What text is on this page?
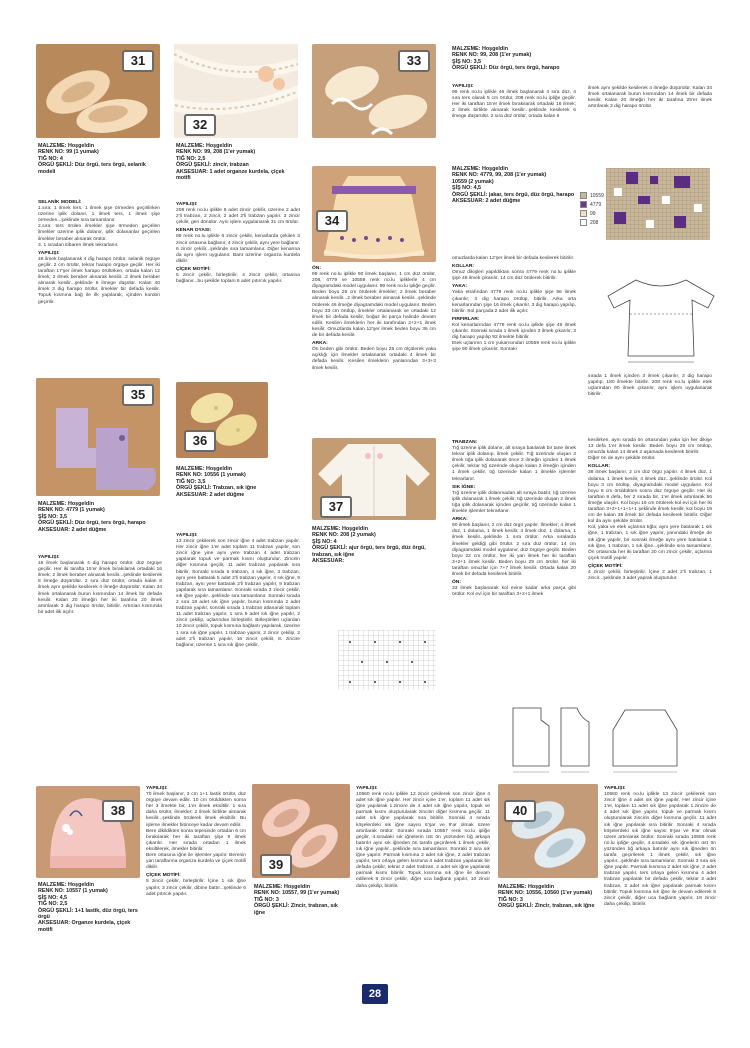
31
32
33
MALZEME: Hoşgeldin
RENK NO: 99 (1 yumak)
TIĞ NO: 4
ÖRGÜ ŞEKLİ: Düz örgü, ters örgü, selanik modeli
SELANİK MODELİ:
1.sıra: 1 ilmek ters, 1 ilmek şişe örmeden geçirilirken üzerine iplik dolanır, 1 ilmek ters, 1 ilmek şişe örmeden...şeklinde sıra tamamlanır.
2.sıra: ters örülen ilmekler şişe örmeden geçirilen ilmekler üzerine iplik dolanır, iplik dolananlar geçirilen ilmekler beraber alınarak örülür.
3. 1 sıradan itibaren ilmek tekrarlanır.
YAPILIŞI:
46 ilmek başlanarak 4 dig harapo örülür, selanik örgüye geçilir. 2 cm örülür, tekrar harapo örgüye geçilir. Her iki taraftan 17'şer ilmek harapo örülürken, ortada kalan 12 ilmek; 2 ilmek beraber alınarak kesilir...2 ilmek beraber alınarak kesilir...şeklinde 6 ilmege düşülür. Kalan 40 ilmek 3 dig harapo örülür, ilmekler bir defada kesilir. Topuk kısmına bağ ile ilk yapılarak, içinden kordon geçirilir.
MALZEME: Hoşgeldin
RENK NO: 99, 208 (1'er yumak)
TIĞ NO: 2,5
ÖRGÜ ŞEKLİ: zincir, trabzan
AKSESUAR: 1 adet organze kurdela, çiçek motifi
YAPILIŞI:
208 renk no.lu iplikle 6 adet zincir çekilir, üzerine 2 adet 2'li trabzan, 2 zincir, 2 adet 2'li trabzan yapılır. 3 zincir çekilir, geri dönülür. Aynı işlem uygulanarak 31 cm örülür.
KENAR OYASI:
99 renk no.lu iplikle 6 zincir çekilir, kenarlarda çekilen 3 zincir ortasına bağlanır, 4 zincir çekilir, aynı yere bağlanır. 6 zincir çekilir...şeklinde sıra tamamlanır. Diğer kenarına da aynı işlem uygulanır. Bant üzerine organza kurdela dikilir.
ÇİÇEK MOTİFİ:
5 zincir çekilir, birleştirilir. 4 zincir çekilir, ortasına bağlanır...bu şekilde toplam 6 adet pıtırcık yapılır.
MALZEME: Hoşgeldin
RENK NO: 99, 208 (1'er yumak)
ŞİŞ NO: 3,5
ÖRGÜ ŞEKLİ: Düz örgü, ters örgü, harapo
YAPILIŞI:
99 renk no.lu iplikle 46 ilmek başlanarak 4 sıra düz, 4 sıra ters olarak 5 cm örülür, 208 renk no.lu ipliğe geçilir. Her iki taraftan 15'er ilmek bırakılarak ortadaki 16 ilmek; 2 ilmek birlikte alınarak kesilir...şeklinde kesilerek 6 ilmege düşürülür. 2 sıra düz örülür, ortada kalan 6
ilmek aynı şekilde kesilerek 4 ilmeğe düşürülür. Kalan 34 ilmek ortalanarak burun kısmından 14 ilmek bir defada kesilir. Kalan 20 ilmeğin her iki tarafına 25'er ilmek artırılarak 3 dig harapo örülür.
34
MALZEME: Hoşgeldin
RENK NO: 4779, 99, 208 (1'er yumak)
10559 (2 yumak)
ŞİŞ NO: 4,5
ÖRGÜ ŞEKLİ: jakar, ters örgü, düz örgü, harapo
AKSESUAR: 2 adet düğme
10559
4779
99
208
ÖN:
99 renk no.lu iplikle 90 ilmek başlanır, 1 cm düz örülür, 208, 4779 ve 10559 renk no.lu ipliklerle 4 cm diyagramdaki model uygulanır. 99 renk no.lu ipliğe geçilir. Beden boyu 25 cm örülerek ilmekler; 2 ilmek beraber alınarak kesilir...2 ilmek beraber alınarak kesilir...şeklinde örülerek 46 ilmeğe diyagramdaki model uygulanır. Beden boyu 33 cm örülüp, ilmekler ortalanarak ve ortadaki 12 ilmek bir defada kesilir, boğaz iki parça halinde devam edilir. Kesilen ilmeklerin her iki tarafından 2+2+1 ilmek kesilir. Omuzlarda kalan 12'şer ilmek beden boyu 36 cm de bir defada kesilir.
ARKA:
Ön beden gibi örülür. Beden boyu 25 cm ölçülerek yaka açıklığı için ilmekler ortalanarak ortadaki 4 ilmek bir defada kesilir. Kesilen ilmeklerin yanlarından 3+3+3 ilmek kesilir,
omuzlarda kalan 12'şer ilmek bir defada kesilerek bitirilir.
KOLLAR:
Omuz dikişleri yapıldıktan sonra 4779 renk no.lu iplikle şişe 46 ilmek çıkarılır, 14 cm düz örülerek bitirilir.
YAKA:
Yaka etrafından 4779 renk no.lu iplikle şişe 56 ilmek çıkarılır; 3 dig harapo örülüp, bitirilir. Arka orta kenarlarından şişe 16 ilmek çıkarılır, 3 dig harapo yapılıp, bitirilir. Sol parçada 2 adet ilik açılır.
FIRFIRLAR:
Kol kenarlarından 4779 renk no.lu iplikle şişe 46 ilmek çıkarılır. Sonraki sırada 1 ilmek içinden 3 ilmek çıkarılır, 3 dig harapo yapılıp 92 ilmekte bitirilir.
Etek uçlarının 1 cm yukarısından 10559 renk no.lu iplikle şişe 90 ilmek çıkarılır. Sonraki
sırada 1 ilmek içinden 3 ilmek çıkarılır, 3 dig harapo yapılıp, 180 ilmekte bitirilir. 208 renk no.lu iplikle etek uçlarından 90 ilmek çıkarılır, aynı işlem uygulanarak bitirilir.
35
36
MALZEME: Hoşgeldin
RENK NO: 4779 (1 yumak)
ŞİŞ NO: 3,5
ÖRGÜ ŞEKLİ: Düz örgü, ters örgü, harapo
AKSESUAR: 2 adet düğme
YAPILIŞI:
46 ilmek başlanarak 4 dig harapo örülür, düz örgüye geçilir. Her iki tarafta 15'er ilmek bırakılarak ortadaki 16 ilmek; 2 ilmek beraber alınarak kesilir...şeklinde kesilerek 8 ilmeğe düşürülür. 2 sıra düz örülür, ortada kalan 8 ilmek aynı şekilde kesilerek 4 ilmeğe düşürülür. Kalan 34 ilmek ortalanarak burun kısmından 14 ilmek bir defada kesilir. Kalan 20 ilmeğin her iki tarafına 20 ilmek artırılarak 3 dig harapo örülür, bitirilir. Artırılan kısmında bir adet ilik açılır.
MALZEME: Hoşgeldin
RENK NO: 10556 (1 yumak)
TIĞ NO: 3,5
ÖRGÜ ŞEKLİ: Trabzan, sık iğne
AKSESUAR: 2 adet düğme
YAPILIŞI:
13 zincir çekilerek son zincir iğne 4 adet trabzan yapılır. Her zincir iğne 1'er adet toplam 11 trabzan yapılır, son zincir iğne yine aynı yere trabzan 4 adet trabzan yapılarak topuk ve parmak kısmı oluşturulur. Zincirin diğer kısmına geçilir, 11 adet trabzan yapılarak sıra bitirilir. Sonraki sırada 5 trabzan, 4 sık iğne, 3 trabzan, aynı yere battarak 5 adet 2'li trabzan yapılır, 4 sık iğne, 9 trabzan, aynı yere battarak 2'li trabzan yapılır, 9 trabzan yapılarak sıra tamamlanır. Sonraki sırada 3 zincir çekilir, sık iğne yapılır...şeklinde sıra tamamlanır. Sonraki sırada 2 sıra 18 adet sık iğne yapılır, burun kısmında 2 adet trabzan yapılır, sonraki sırada 1 trabzan atlanarak toplam 11 adet trabzan yapılır, 1 sıra 9 adet sık iğne yapılır, 2 zincir çekilip, uçlarından birleştirilir. Birleştirilen uçlardan 10 zincir çekilir, topuk kısmına bağlantı yapılarak, üzerine 1 sıra sık iğne yapılır, 1 trabzan yapılır, 2 zincir çekilip, 2 adet 2'li trabzan yapılır, 16 zincir çekilir, 8. zincire bağlanır, üzerine 1 sıra sık iğne çekilir.
37
MALZEME: Hoşgeldin
RENK NO: 208 (2 yumak)
ŞİŞ NO: 4
ÖRGÜ ŞEKLİ: ajur örgü, ters örgü, düz örgü, trabzan, sık iğne
AKSESUAR:
TRABZAN:
Tığ üzerine iplik dolanır, alt sıraya batılarak bir tane ilmek tekrar iplik dolanıp, ilmek çekilir. Tığ üzerinde oluşan 3 ilmek tığa iplik dolanarak önce 2 ilmeğin içinden 1 ilmek çekilir, tekrar tığ üzerinde oluşan kalan 2 ilmeğin içinden 1 ilmek çekilir, tığ üzerinde kalan 1 ilmekle işlemler tekrarlanır.
SIK İĞNE:
Tığ üzerine iplik dolanmadan alt sıraya batılır, tığ üzerine iplik dolanarak 1 ilmek çekilir, tığ üzerinde oluşan 2 ilmek tığa iplik dolanarak içinden geçirilir, tığ üzerinde kalan 1 ilmekle işlemler tekrarlanır.
ARKA:
60 ilmek başlanır, 2 cm düz örgü yapılır. İlmekler; 4 ilmek düz, 1 dolama, 1 ilmek kesilir, 4 ilmek düz, 1 dolama, 1 ilmek kesilir...şeklinde 1 sıra örülür. Arka sıralarda ilmekler geldiği gibi örülür. 2 sıra düz örülür, 14 cm diyagramdaki model uygulanır, düz örgüye geçilir. Beden boyu 22 cm örülür, her iki yan ilmek her iki taraftan 3+2+1 ilmek kesilir. Beden boyu 29 cm örülür, her iki taraftan omuzlar için 7+7 ilmek kesilir. Ortada kalan 20 ilmek bir defada kesilerek bitirilir.
ÖN:
33 ilmek başlanarak kol evine kadar arka parça gibi örülür. Kol evi için bir taraftan 3+2+1 ilmek
kesilirken, aynı sırada ön ortasından yaka için her dikişe 13 defa 1'er ilmek kesilir. Beden boyu 29 cm örülüp, omuzda kalan 14 ilmek 2 aşamada kesilerek bitirilir.
Diğer ön de aynı şekilde örülür.
KOLLAR:
38 ilmek başlanır, 2 cm düz örgü yapılır. 4 ilmek düz, 1 dolama, 1 ilmek kesilir, 4 ilmek düz...şeklinde örülür. Kol boyu 3 cm örülüp, diyagramdaki model uygulanır. Kol boyu 6 cm örüldükten sonra düz örgüye geçilir. Her iki taraftan 9 defa, her 2 sırada bir, 1'er ilmek artırılarak 56 ilmeğe ulaşılır. Kol boyu 16 cm örülerek kol evi için her iki taraftan 3+2+1+1+1+1 şeklinde ilmek kesilir, kol boyu 19 cm de kalan 38 ilmek bir defada kesilerek bitirilir. Diğer kol da aynı şekilde örülür.
Kol, yaka ve etek uçlarına tığla; aynı yere batılarak 1 sık iğne, 1 trabzan, 1 sık iğne yapılır, yanındaki ilmeğe de sık iğne yapılır, bir sonraki ilmeğe aynı yere batılarak 1 sık iğne, 1 trabzan, 1 sık iğne...şeklinde sıra tamamlanır. Ön ortasında her iki taraftan 20 cm zincir çekilir, uçlarına çiçek motifi yapılır.
ÇİÇEK MOTİFİ:
4 zincir çekilir, birleştirilir. İçine 2 adet 2'li trabzan, 1 zincir...şeklinde 3 adet yaprak oluşturulur.
38
MALZEME: Hoşgeldin
RENK NO: 10557 (1 yumak)
ŞİŞ NO: 4,5
TIĞ NO: 2,5
ÖRGÜ ŞEKLİ: 1+1 lastik, düz örgü, ters örgü
AKSESUAR: Organze kurdela, çiçek motifi
YAPILIŞI:
70 ilmek başlanır, 3 cm 1+1 lastik örülür, düz örgüye devam edilir. 10 cm örüldükten sonra her 3 ilmekte bir, 1'er ilmek eksiltilir. 1 sıra daha örülür, ilmekler; 2 ilmek birlikte alınarak kesilir...şeklinde örülerek ilmek eksiltilir. Bu işleme ilmekler bitinceye kadar devam edilir.
Bere dikildikten sonra tepesinde ortadan 6 cm bırakılarak her iki taraftan şişe 9 ilmek çıkarılır. Her sırada ortadan 1 ilmek eksiltilerek, ilmekler bitirilir.
Bere ortasına iğne ile işlemler yapılır. Berenin yan taraflarına organza kurdela ve çiçek motifi dikilir.
ÇİÇEK MOTİFİ:
5 zincir çekilir, birleştirilir. İçine 1 sık iğne yapılır, 3 zincir çekilir, dibine battır...şeklinde 6 adet pıtırcık yapılır.
39
MALZEME: Hoşgeldin
RENK NO: 10557, 99 (1'er yumak)
TIĞ NO: 3
ÖRGÜ ŞEKLİ: Zincir, trabzan, sık iğne
YAPILIŞI:
10560 renk no.lu iplikle 13 zincir çekilerek son zincir iğne 4 adet sık iğne yapılır. Her zincir içine 1'er, toplam 11 adet sık iğne yapılarak 1.zincire de 4 adet sık iğne yapılır, topuk ve parmak kısmı oluşturularak zincirin diğer kısmına geçilir. 11 adet sık iğne yapılarak sıra bitirilir. Sonraki 4 sırada köşelerdeki sık iğne sayısı 6'şar ve 9'ar olmak üzere artırılarak örülür. Sonraki sırada 10557 renk no.lu ipliğe geçilir, 4.sıradaki sık iğnelerin üst ön yüzünden bğ arkaya batırılır aynı sık iğneden ön tarafa geçirilerek 1 ilmek çekilir, sık iğne yapılır...şeklinde sıra tamamlanır. Sonraki 3 sıra sık iğne yapılır. Parmak kısmına 2 adet sık iğne, 2 adet trabzan yapılır, ters orlaya gelen kısmına 4 adet trabzan yapılarak bir defada çekilir, tekrar 2 adet trabzan, 2 adet sık iğne yapılarak parmak kısmı bitirilir. Topuk kısmına sık iğne ile devam edilerek 8 zincir çekilir, diğer uca bağlantı yapılır, 10 zincir daha çekilip, bitirilir.
40
MALZEME: Hoşgeldin
RENK NO: 10556, 10560 (1'er yumak)
TIĞ NO: 3
ÖRGÜ ŞEKLİ: Zincir, trabzan, sık iğne
YAPILIŞI:
10560 renk no.lu iplikle 13 zincir çekilerek son zincir iğne 4 adet sık iğne yapılır. Her zincir içine 1'er, toplam 11 adet sık iğne yapılarak 1.zincire de 4 adet sık iğne yapılır, topuk ve parmak kısmı oluşturularak zincirin diğer kısmına geçilir. 11 adet sık iğne yapılarak sıra bitirilir. Sonraki 4 sırada köşelerdeki sık iğne sayısı 6'şar ve 9'ar olmak üzere artırılarak örülür. Sonraki sırada 10556 renk no.lu ipliğe geçilir, 4.sıradaki sık iğnelerin üst ön yüzünden bğ arkaya batırılır aynı sık iğneden ön tarafa geçirilerek 1 ilmek çekilir, sık iğne yapılır...şeklinde sıra tamamlanır. Sonraki 3 sıra sık iğne yapılır. Parmak kısmına 2 adet sık iğne, 2 adet trabzan yapılır, ters orlaya gelen kısmına 4 adet trabzan yapılarak bir defada çekilir, tekrar 2 adet trabzan, 2 adet sık iğne yapılarak parmak kısmı bitirilir. Topuk kısmına sık iğne ile devam edilerek 8 zincir çekilir, diğer uca bağlantı yapılır, 19 zincir daha çekilip, bitirilir.
28
